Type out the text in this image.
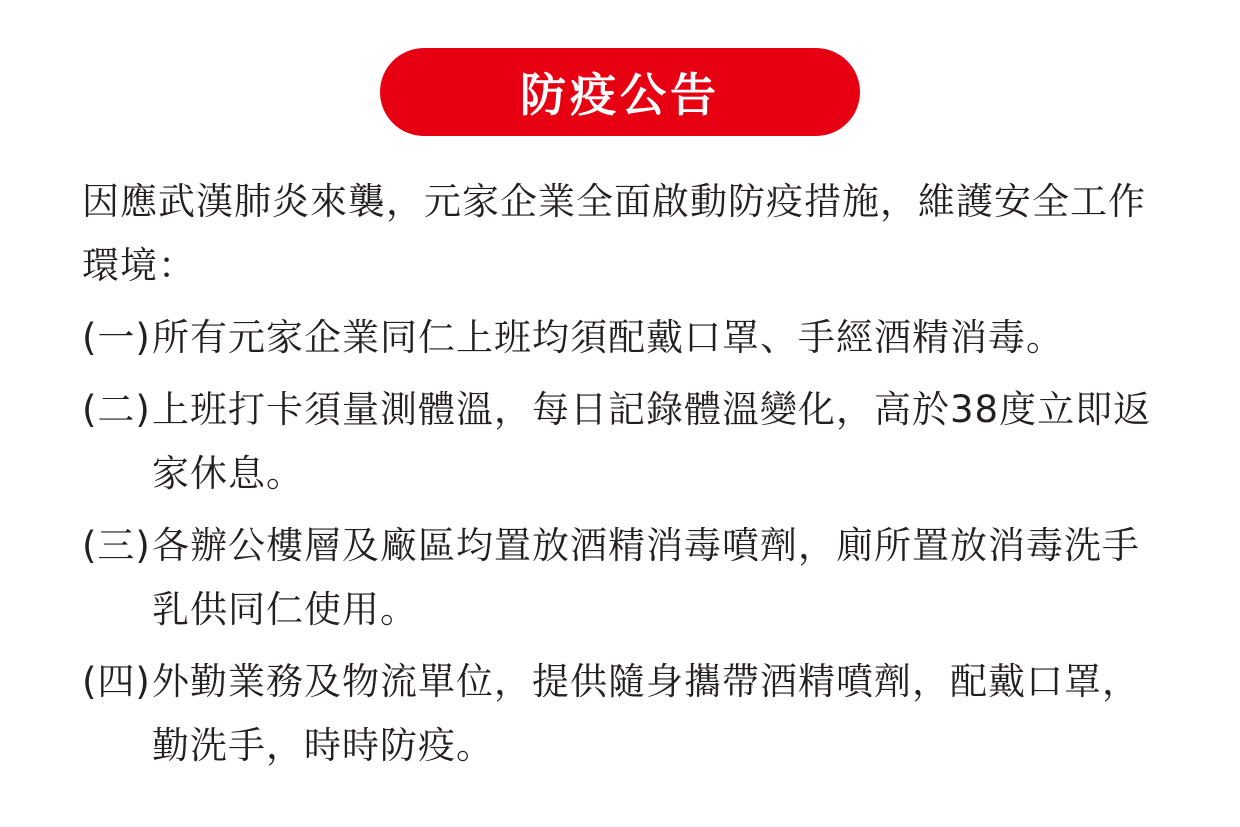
防疫公告

因應武漢肺炎來襲，元家企業全面啟動防疫措施，維護安全工作環境：

(一) 所有元家企業同仁上班均須配戴口罩、手經酒精消毒。
(二) 上班打卡須量測體溫，每日記錄體溫變化，高於38度立即返家休息。
(三) 各辦公樓層及廠區均置放酒精消毒噴劑，廁所置放消毒洗手乳供同仁使用。
(四) 外勤業務及物流單位，提供隨身攜帶酒精噴劑，配戴口罩，勤洗手，時時防疫。
